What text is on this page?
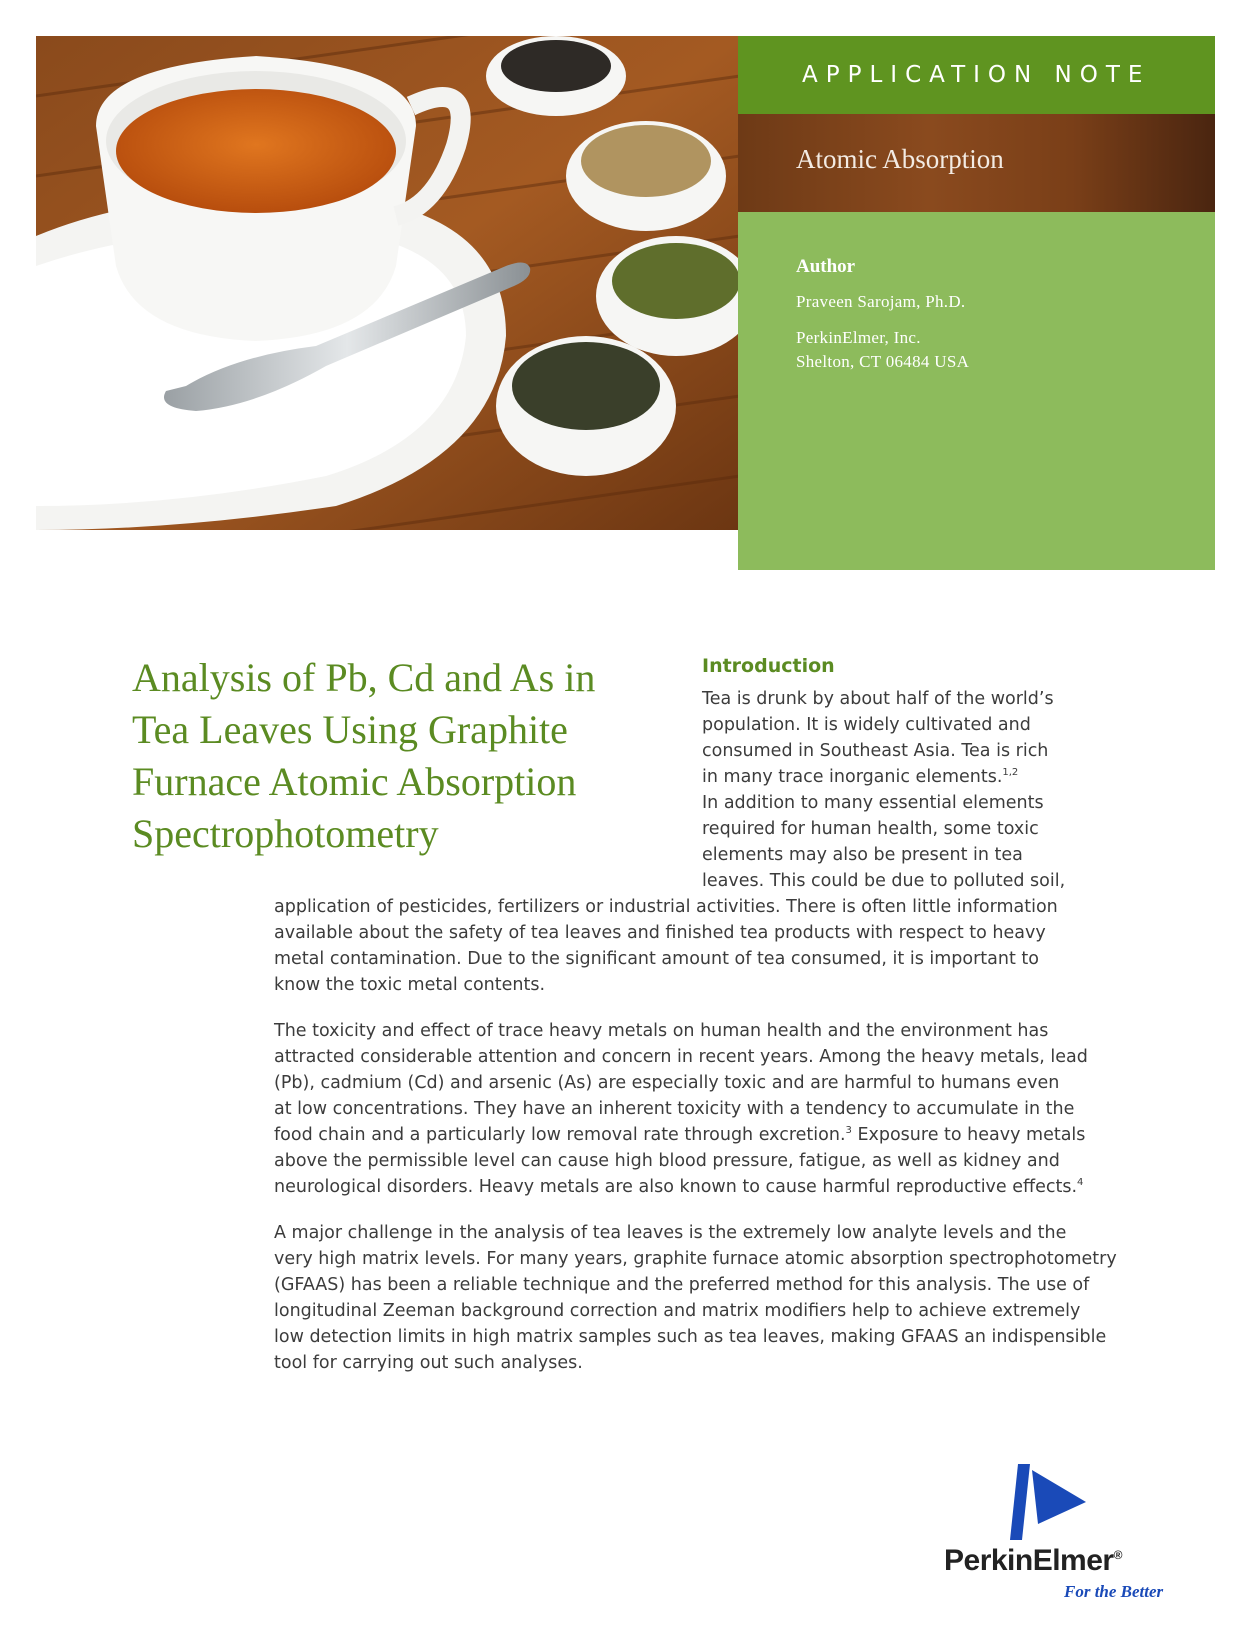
APPLICATION NOTE
Atomic Absorption
Author
Praveen Sarojam, Ph.D.
PerkinElmer, Inc.
Shelton, CT 06484 USA
Analysis of Pb, Cd and As in
Tea Leaves Using Graphite
Furnace Atomic Absorption
Spectrophotometry
Introduction
Tea is drunk by about half of the world’s
population. It is widely cultivated and
consumed in Southeast Asia. Tea is rich
in many trace inorganic elements.$^{1,2}$
In addition to many essential elements
required for human health, some toxic
elements may also be present in tea
leaves. This could be due to polluted soil,
application of pesticides, fertilizers or industrial activities. There is often little information
available about the safety of tea leaves and finished tea products with respect to heavy
metal contamination. Due to the significant amount of tea consumed, it is important to
know the toxic metal contents.
The toxicity and effect of trace heavy metals on human health and the environment has
attracted considerable attention and concern in recent years. Among the heavy metals, lead
(Pb), cadmium (Cd) and arsenic (As) are especially toxic and are harmful to humans even
at low concentrations. They have an inherent toxicity with a tendency to accumulate in the
food chain and a particularly low removal rate through excretion.$^3$ Exposure to heavy metals
above the permissible level can cause high blood pressure, fatigue, as well as kidney and
neurological disorders. Heavy metals are also known to cause harmful reproductive effects.$^4$
A major challenge in the analysis of tea leaves is the extremely low analyte levels and the
very high matrix levels. For many years, graphite furnace atomic absorption spectrophotometry
(GFAAS) has been a reliable technique and the preferred method for this analysis. The use of
longitudinal Zeeman background correction and matrix modifiers help to achieve extremely
low detection limits in high matrix samples such as tea leaves, making GFAAS an indispensible
tool for carrying out such analyses.
PerkinElmer®
For the Better
